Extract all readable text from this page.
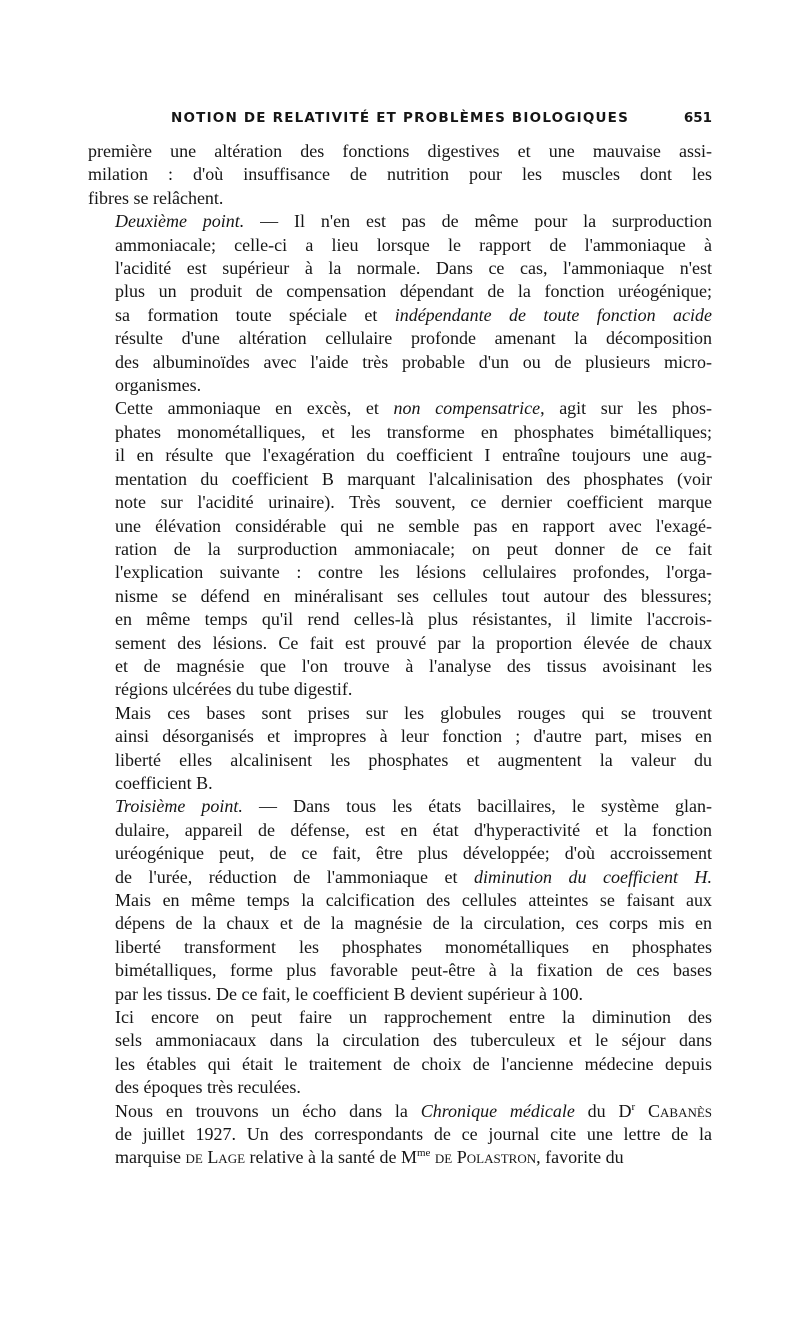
NOTION DE RELATIVITÉ ET PROBLÈMES BIOLOGIQUES	651

première une altération des fonctions digestives et une mauvaise assi-
milation : d'où insuffisance de nutrition pour les muscles dont les
fibres se relâchent.

Deuxième point. — Il n'en est pas de même pour la surproduction
ammoniacale; celle-ci a lieu lorsque le rapport de l'ammoniaque à
l'acidité est supérieur à la normale. Dans ce cas, l'ammoniaque n'est
plus un produit de compensation dépendant de la fonction uréogénique;
sa formation toute spéciale et indépendante de toute fonction acide
résulte d'une altération cellulaire profonde amenant la décomposition
des albuminoïdes avec l'aide très probable d'un ou de plusieurs micro-
organismes.

Cette ammoniaque en excès, et non compensatrice, agit sur les phos-
phates monométalliques, et les transforme en phosphates bimétalliques;
il en résulte que l'exagération du coefficient I entraîne toujours une aug-
mentation du coefficient B marquant l'alcalinisation des phosphates (voir
note sur l'acidité urinaire). Très souvent, ce dernier coefficient marque
une élévation considérable qui ne semble pas en rapport avec l'exagé-
ration de la surproduction ammoniacale; on peut donner de ce fait
l'explication suivante : contre les lésions cellulaires profondes, l'orga-
nisme se défend en minéralisant ses cellules tout autour des blessures;
en même temps qu'il rend celles-là plus résistantes, il limite l'accrois-
sement des lésions. Ce fait est prouvé par la proportion élevée de chaux
et de magnésie que l'on trouve à l'analyse des tissus avoisinant les
régions ulcérées du tube digestif.

Mais ces bases sont prises sur les globules rouges qui se trouvent
ainsi désorganisés et impropres à leur fonction ; d'autre part, mises en
liberté elles alcalinisent les phosphates et augmentent la valeur du
coefficient B.

Troisième point. — Dans tous les états bacillaires, le système glan-
dulaire, appareil de défense, est en état d'hyperactivité et la fonction
uréogénique peut, de ce fait, être plus développée; d'où accroissement
de l'urée, réduction de l'ammoniaque et diminution du coefficient H.
Mais en même temps la calcification des cellules atteintes se faisant aux
dépens de la chaux et de la magnésie de la circulation, ces corps mis en
liberté transforment les phosphates monométalliques en phosphates
bimétalliques, forme plus favorable peut-être à la fixation de ces bases
par les tissus. De ce fait, le coefficient B devient supérieur à 100.

Ici encore on peut faire un rapprochement entre la diminution des
sels ammoniacaux dans la circulation des tuberculeux et le séjour dans
les étables qui était le traitement de choix de l'ancienne médecine depuis
des époques très reculées.

Nous en trouvons un écho dans la Chronique médicale du $D^r$ Cabanès
de juillet 1927. Un des correspondants de ce journal cite une lettre de la
marquise de Lage relative à la santé de $M^{me}$ de Polastron, favorite du
